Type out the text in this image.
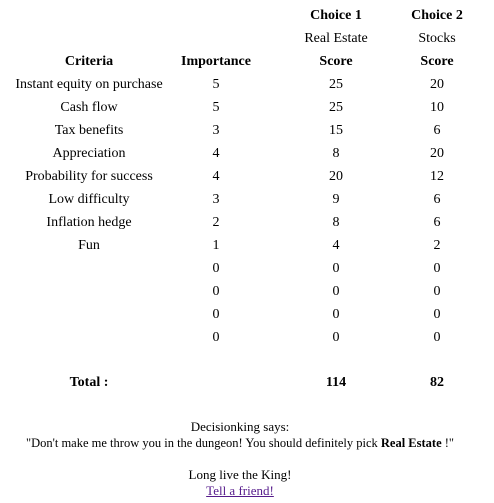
			Choice 1		Choice 2
			Real Estate		Stocks
Criteria	Importance		Score		Score
Instant equity on purchase	5		25		20
Cash flow	5		25		10
Tax benefits	3		15		6
Appreciation	4		8		20
Probability for success	4		20		12
Low difficulty	3		9		6
Inflation hedge	2		8		6
Fun	1		4		2
	0		0		0
	0		0		0
	0		0		0
	0		0		0

Total :			114		82
Decisionking says:
"Don't make me throw you in the dungeon! You should definitely pick Real Estate !"
Long live the King!
Tell a friend!
